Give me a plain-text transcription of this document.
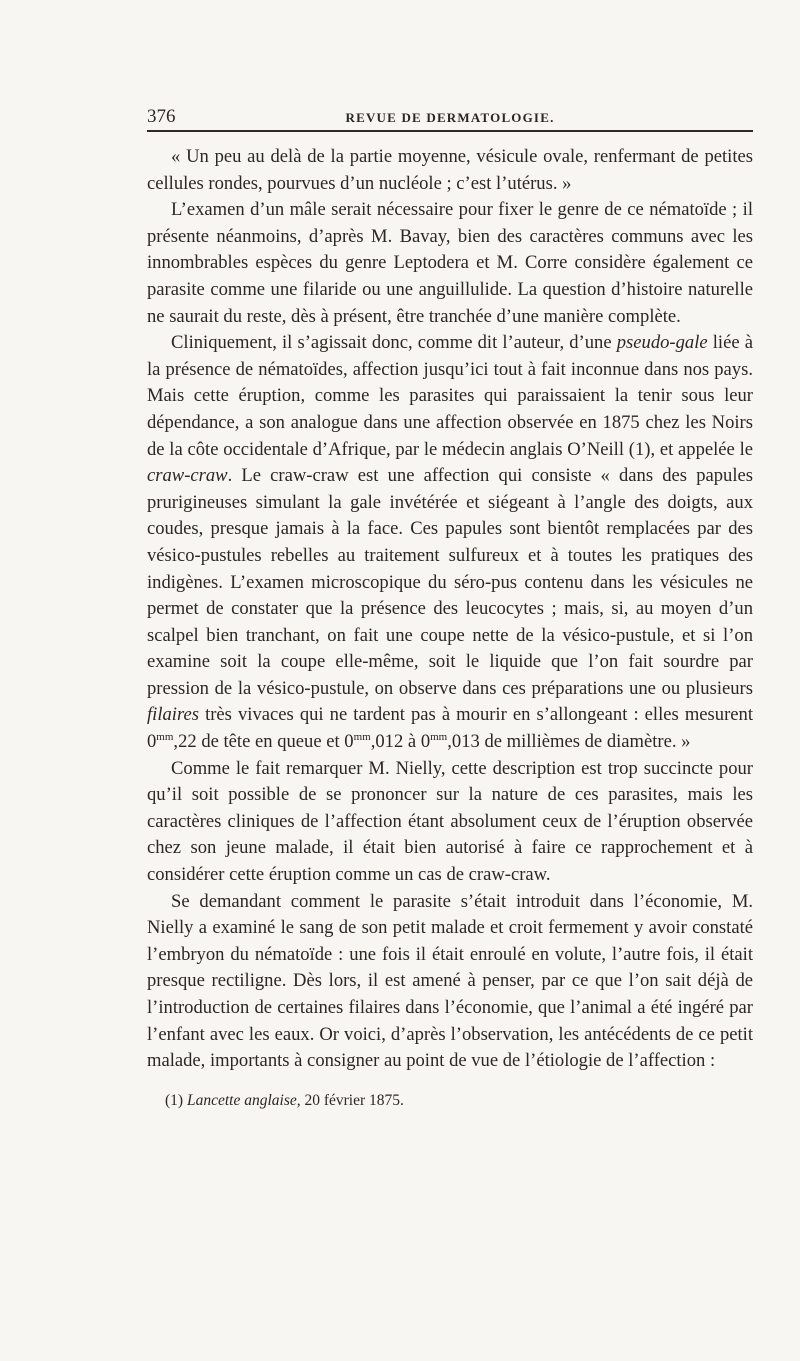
376	REVUE DE DERMATOLOGIE.

« Un peu au delà de la partie moyenne, vésicule ovale, renfermant de petites cellules rondes, pourvues d’un nucléole ; c’est l’utérus. »

L’examen d’un mâle serait nécessaire pour fixer le genre de ce nématoïde ; il présente néanmoins, d’après M. Bavay, bien des caractères communs avec les innombrables espèces du genre Leptodera et M. Corre considère également ce parasite comme une filaride ou une anguillulide. La question d’histoire naturelle ne saurait du reste, dès à présent, être tranchée d’une manière complète.

Cliniquement, il s’agissait donc, comme dit l’auteur, d’une pseudo-gale liée à la présence de nématoïdes, affection jusqu’ici tout à fait inconnue dans nos pays. Mais cette éruption, comme les parasites qui paraissaient la tenir sous leur dépendance, a son analogue dans une affection observée en 1875 chez les Noirs de la côte occidentale d’Afrique, par le médecin anglais O’Neill (1), et appelée le craw-craw. Le craw-craw est une affection qui consiste « dans des papules prurigineuses simulant la gale invétérée et siégeant à l’angle des doigts, aux coudes, presque jamais à la face. Ces papules sont bientôt remplacées par des vésico-pustules rebelles au traitement sulfureux et à toutes les pratiques des indigènes. L’examen microscopique du séro-pus contenu dans les vésicules ne permet de constater que la présence des leucocytes ; mais, si, au moyen d’un scalpel bien tranchant, on fait une coupe nette de la vésico-pustule, et si l’on examine soit la coupe elle-même, soit le liquide que l’on fait sourdre par pression de la vésico-pustule, on observe dans ces préparations une ou plusieurs filaires très vivaces qui ne tardent pas à mourir en s’allongeant : elles mesurent $0^{mm},22$ de tête en queue et $0^{mm},012$ à $0^{mm},013$ de millièmes de diamètre. »

Comme le fait remarquer M. Nielly, cette description est trop succincte pour qu’il soit possible de se prononcer sur la nature de ces parasites, mais les caractères cliniques de l’affection étant absolument ceux de l’éruption observée chez son jeune malade, il était bien autorisé à faire ce rapprochement et à considérer cette éruption comme un cas de craw-craw.

Se demandant comment le parasite s’était introduit dans l’économie, M. Nielly a examiné le sang de son petit malade et croit fermement y avoir constaté l’embryon du nématoïde : une fois il était enroulé en volute, l’autre fois, il était presque rectiligne. Dès lors, il est amené à penser, par ce que l’on sait déjà de l’introduction de certaines filaires dans l’économie, que l’animal a été ingéré par l’enfant avec les eaux. Or voici, d’après l’observation, les antécédents de ce petit malade, importants à consigner au point de vue de l’étiologie de l’affection :

(1) Lancette anglaise, 20 février 1875.
